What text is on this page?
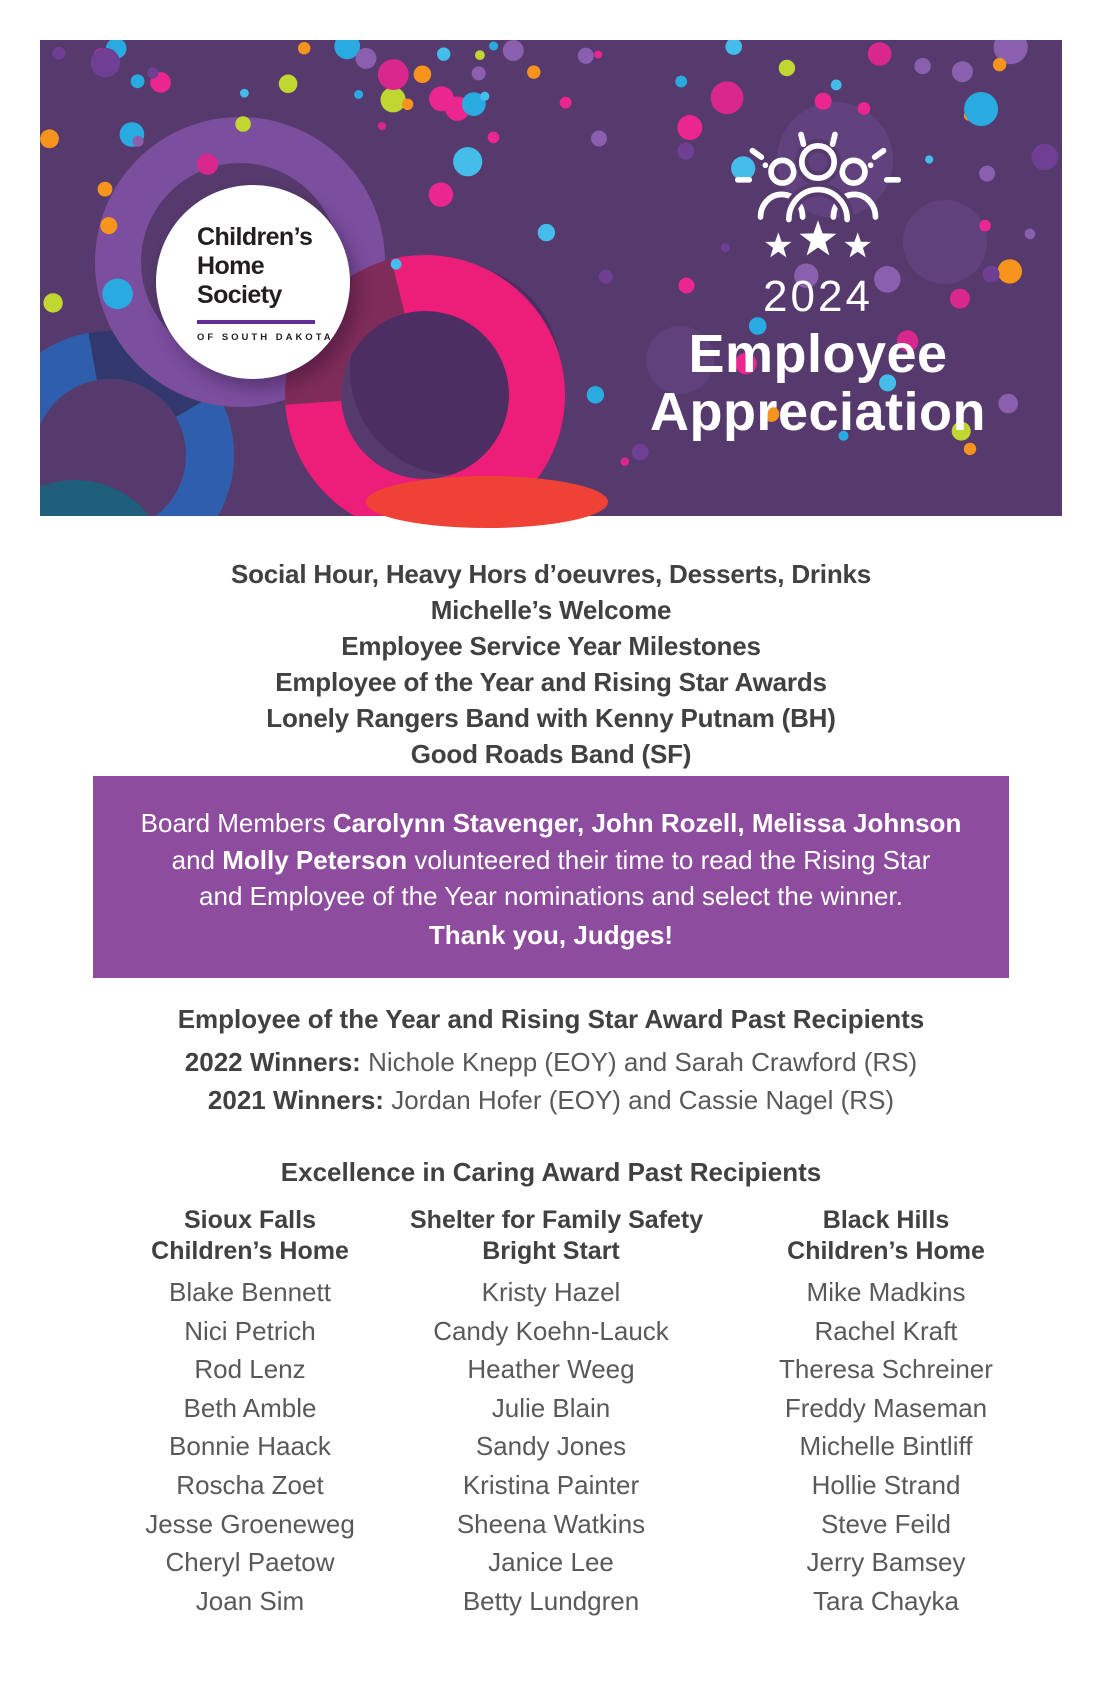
Children’s
Home
Society
OF SOUTH DAKOTA
2024
Employee
Appreciation
Social Hour, Heavy Hors d’oeuvres, Desserts, Drinks
Michelle’s Welcome
Employee Service Year Milestones
Employee of the Year and Rising Star Awards
Lonely Rangers Band with Kenny Putnam (BH)
Good Roads Band (SF)
Board Members Carolynn Stavenger, John Rozell, Melissa Johnson
and Molly Peterson volunteered their time to read the Rising Star
and Employee of the Year nominations and select the winner.
Thank you, Judges!
Employee of the Year and Rising Star Award Past Recipients
2022 Winners: Nichole Knepp (EOY) and Sarah Crawford (RS)
2021 Winners: Jordan Hofer (EOY) and Cassie Nagel (RS)
Excellence in Caring Award Past Recipients
Sioux Falls
Children’s Home
Blake Bennett
Nici Petrich
Rod Lenz
Beth Amble
Bonnie Haack
Roscha Zoet
Jesse Groeneweg
Cheryl Paetow
Joan Sim
Shelter for Family Safety
Bright Start
Kristy Hazel
Candy Koehn-Lauck
Heather Weeg
Julie Blain
Sandy Jones
Kristina Painter
Sheena Watkins
Janice Lee
Betty Lundgren
Black Hills
Children’s Home
Mike Madkins
Rachel Kraft
Theresa Schreiner
Freddy Maseman
Michelle Bintliff
Hollie Strand
Steve Feild
Jerry Bamsey
Tara Chayka
